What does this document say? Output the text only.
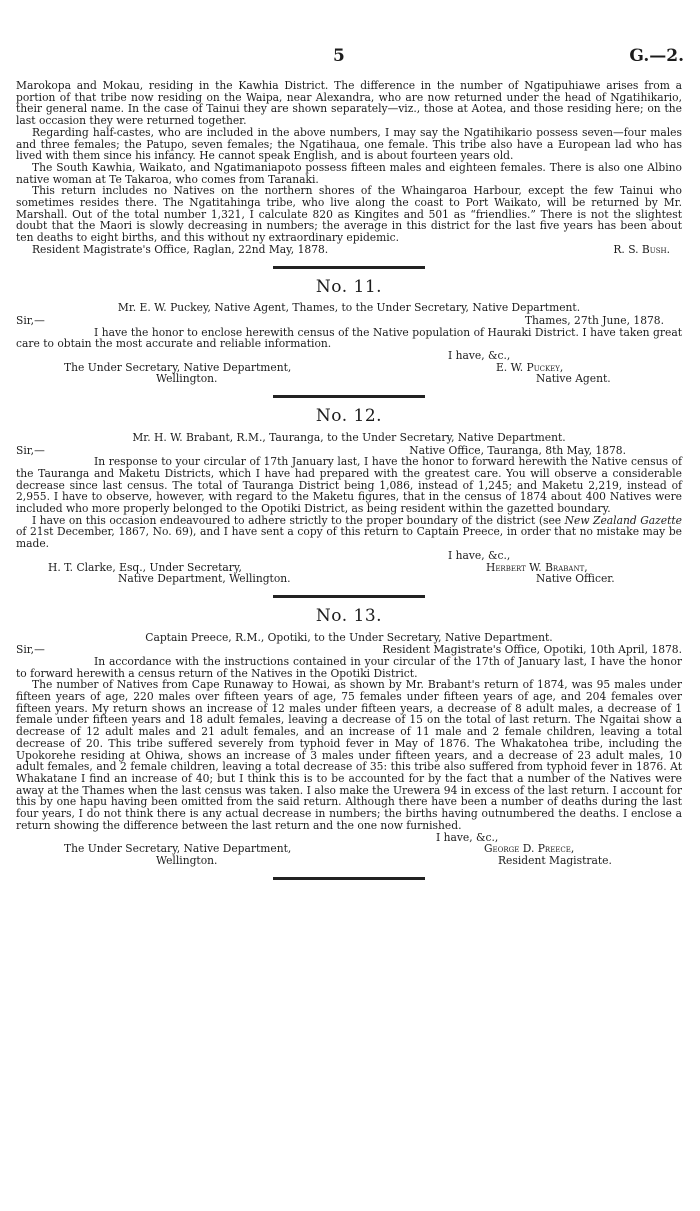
5	G.—2.

Marokopa and Mokau, residing in the Kawhia District. The difference in the number of Ngatipuhiawe arises from a portion of that tribe now residing on the Waipa, near Alexandra, who are now returned under the head of Ngatihikario, their general name. In the case of Tainui they are shown separately—viz., those at Aotea, and those residing here; on the last occasion they were returned together.

Regarding half-castes, who are included in the above numbers, I may say the Ngatihikario possess seven—four males and three females; the Patupo, seven females; the Ngatihaua, one female. This tribe also have a European lad who has lived with them since his infancy. He cannot speak English, and is about fourteen years old.

The South Kawhia, Waikato, and Ngatimaniapoto possess fifteen males and eighteen females. There is also one Albino native woman at Te Takaroa, who comes from Taranaki.

This return includes no Natives on the northern shores of the Whaingaroa Harbour, except the few Tainui who sometimes resides there. The Ngatitahinga tribe, who live along the coast to Port Waikato, will be returned by Mr. Marshall. Out of the total number 1,321, I calculate 820 as Kingites and 501 as “friendlies.” There is not the slightest doubt that the Maori is slowly decreasing in numbers; the average in this district for the last five years has been about ten deaths to eight births, and this without ny extraordinary epidemic.

Resident Magistrate's Office, Raglan, 22nd May, 1878.	R. S. Bush.
No. 11.
Mr. E. W. Puckey, Native Agent, Thames, to the Under Secretary, Native Department.
Sir,—	Thames, 27th June, 1878.

I have the honor to enclose herewith census of the Native population of Hauraki District. I have taken great care to obtain the most accurate and reliable information.

I have, &c.,
The Under Secretary, Native Department,	E. W. Puckey,
Wellington.	Native Agent.
No. 12.
Mr. H. W. Brabant, R.M., Tauranga, to the Under Secretary, Native Department.
Sir,—	Native Office, Tauranga, 8th May, 1878.

In response to your circular of 17th January last, I have the honor to forward herewith the Native census of the Tauranga and Maketu Districts, which I have had prepared with the greatest care. You will observe a considerable decrease since last census. The total of Tauranga District being 1,086, instead of 1,245; and Maketu 2,219, instead of 2,955. I have to observe, however, with regard to the Maketu figures, that in the census of 1874 about 400 Natives were included who more properly belonged to the Opotiki District, as being resident within the gazetted boundary.

I have on this occasion endeavoured to adhere strictly to the proper boundary of the district (see New Zealand Gazette of 21st December, 1867, No. 69), and I have sent a copy of this return to Captain Preece, in order that no mistake may be made.

I have, &c.,
H. T. Clarke, Esq., Under Secretary,	Herbert W. Brabant,
Native Department, Wellington.	Native Officer.
No. 13.
Captain Preece, R.M., Opotiki, to the Under Secretary, Native Department.
Sir,—	Resident Magistrate's Office, Opotiki, 10th April, 1878.

In accordance with the instructions contained in your circular of the 17th of January last, I have the honor to forward herewith a census return of the Natives in the Opotiki District.

The number of Natives from Cape Runaway to Howai, as shown by Mr. Brabant's return of 1874, was 95 males under fifteen years of age, 220 males over fifteen years of age, 75 females under fifteen years of age, and 204 females over fifteen years. My return shows an increase of 12 males under fifteen years, a decrease of 8 adult males, a decrease of 1 female under fifteen years and 18 adult females, leaving a decrease of 15 on the total of last return. The Ngaitai show a decrease of 12 adult males and 21 adult females, and an increase of 11 male and 2 female children, leaving a total decrease of 20. This tribe suffered severely from typhoid fever in May of 1876. The Whakatohea tribe, including the Upokorehe residing at Ohiwa, shows an increase of 3 males under fifteen years, and a decrease of 23 adult males, 10 adult females, and 2 female children, leaving a total decrease of 35: this tribe also suffered from typhoid fever in 1876. At Whakatane I find an increase of 40; but I think this is to be accounted for by the fact that a number of the Natives were away at the Thames when the last census was taken. I also make the Urewera 94 in excess of the last return. I account for this by one hapu having been omitted from the said return. Although there have been a number of deaths during the last four years, I do not think there is any actual decrease in numbers; the births having outnumbered the deaths. I enclose a return showing the difference between the last return and the one now furnished.

I have, &c.,
The Under Secretary, Native Department,	George D. Preece,
Wellington.	Resident Magistrate.
